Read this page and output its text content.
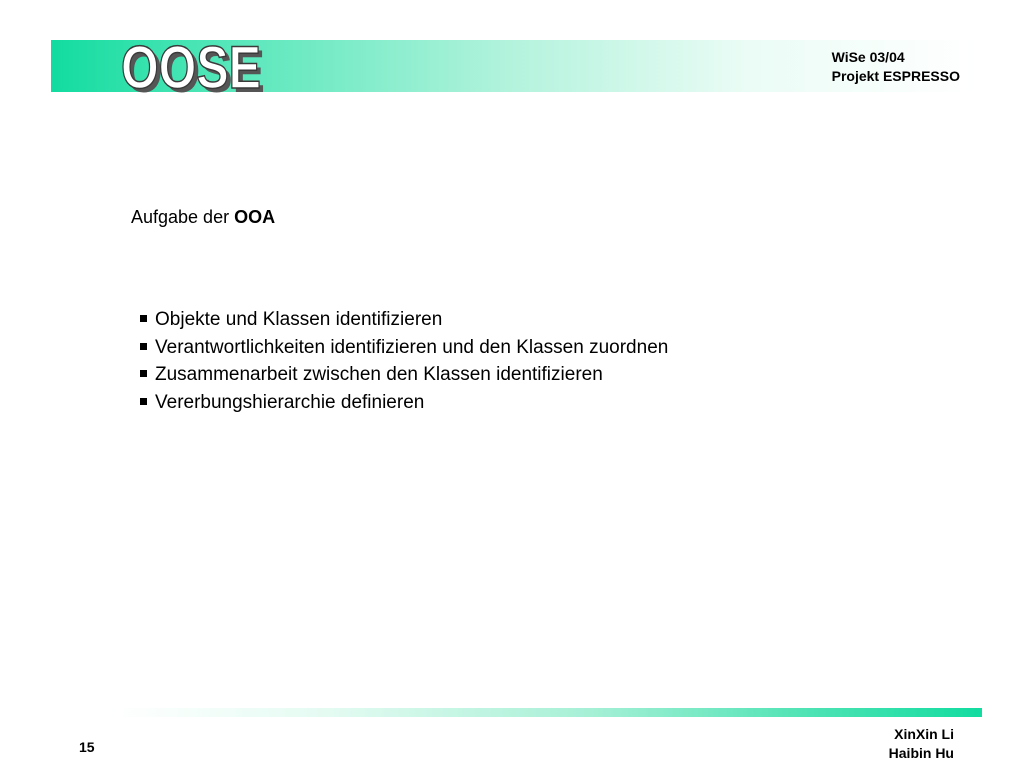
OOSE
OOSE	WiSe 03/04
Projekt ESPRESSO
Aufgabe der OOA
Objekte und Klassen identifizieren
Verantwortlichkeiten identifizieren und den Klassen zuordnen
Zusammenarbeit zwischen den Klassen identifizieren
Vererbungshierarchie definieren
15
XinXin Li
Haibin Hu
